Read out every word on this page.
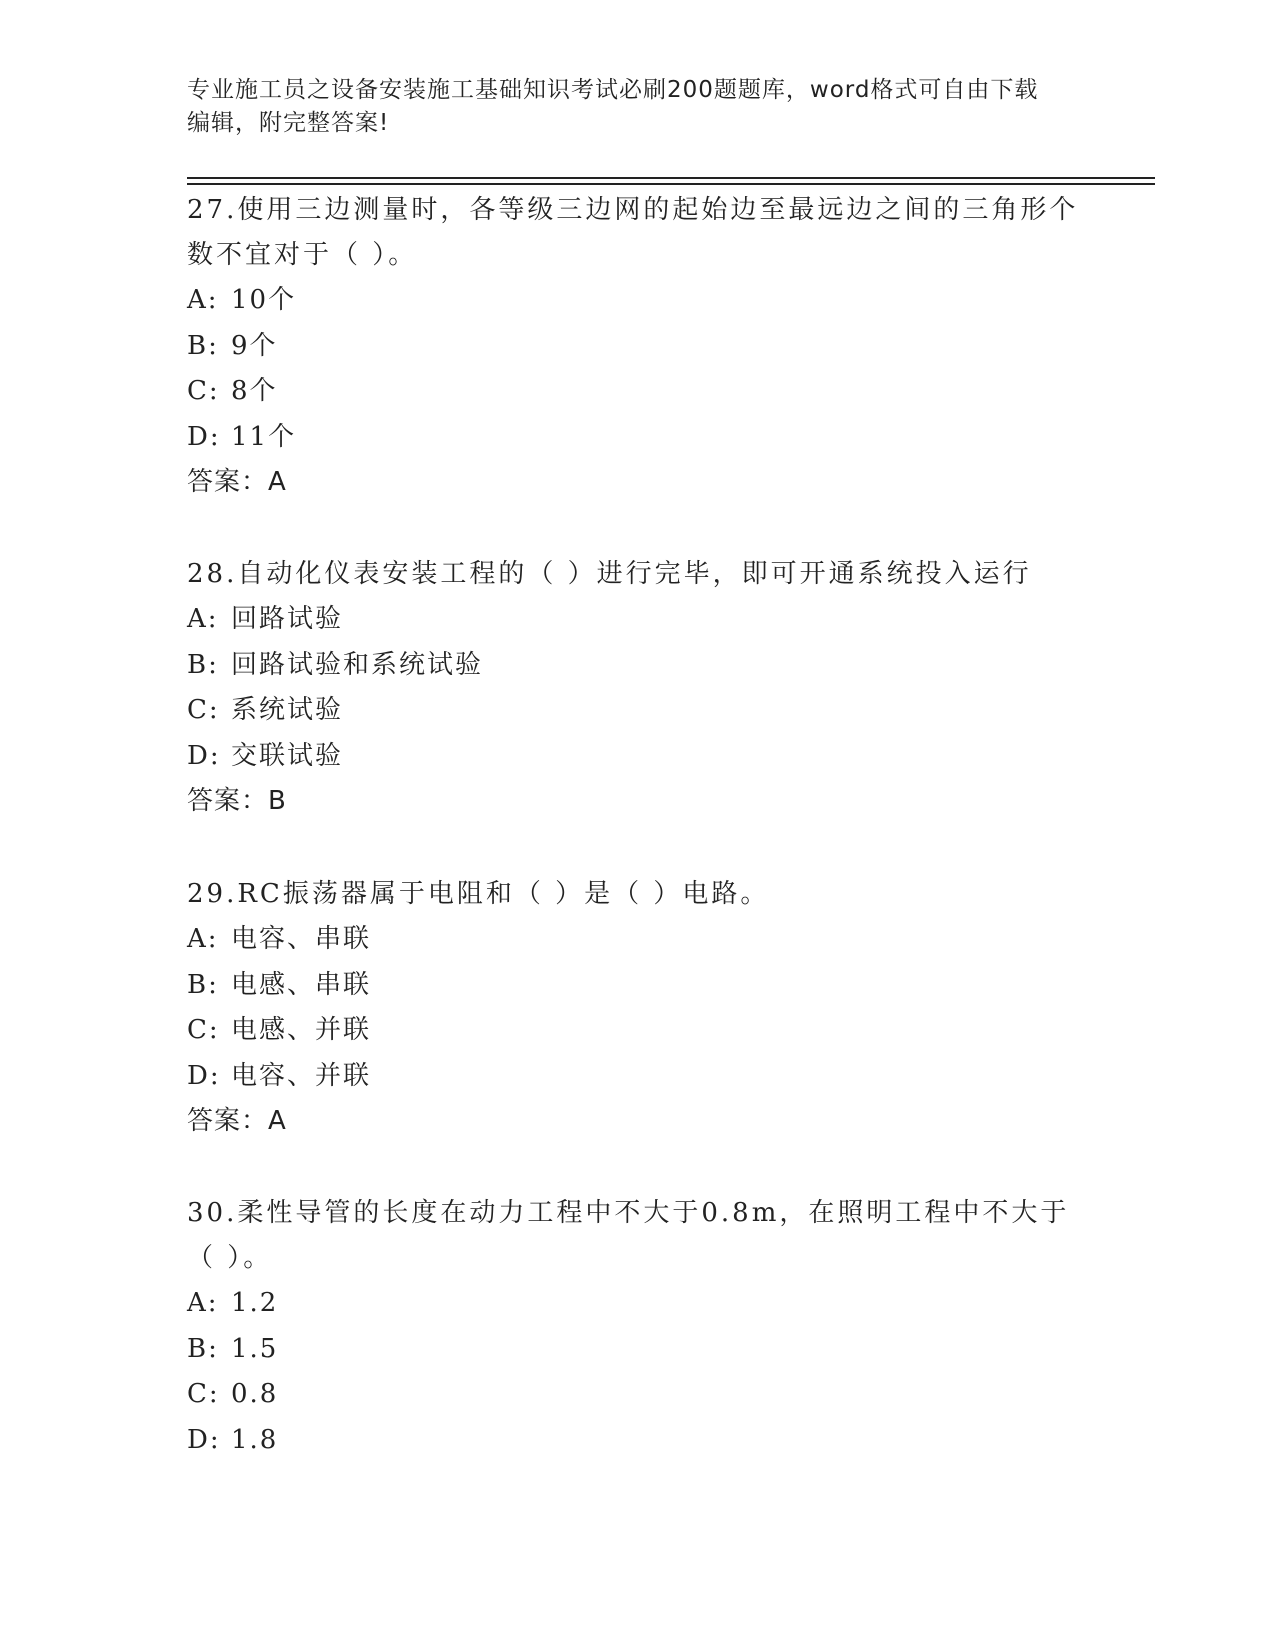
专业施工员之设备安装施工基础知识考试必刷200题题库，word格式可自由下载
编辑，附完整答案!

27.使用三边测量时，各等级三边网的起始边至最远边之间的三角形个数不宜对于（ ）。

A: 10个

B: 9个

C: 8个

D: 11个

答案：A

28.自动化仪表安装工程的（ ）进行完毕，即可开通系统投入运行

A: 回路试验

B: 回路试验和系统试验

C: 系统试验

D: 交联试验

答案：B

29.RC振荡器属于电阻和（ ）是（ ）电路。

A: 电容、串联

B: 电感、串联

C: 电感、并联

D: 电容、并联

答案：A

30.柔性导管的长度在动力工程中不大于0.8m，在照明工程中不大于（ ）。

A: 1.2

B: 1.5

C: 0.8

D: 1.8
